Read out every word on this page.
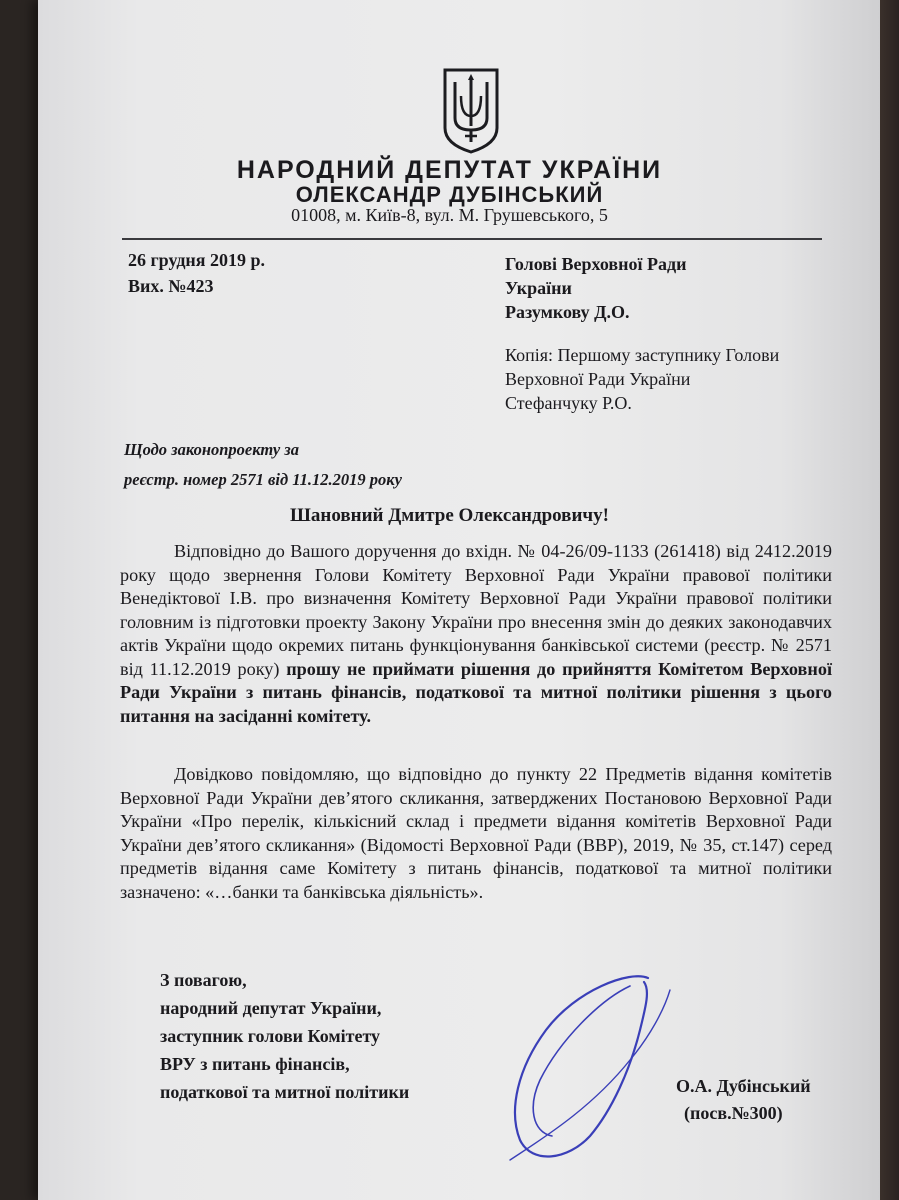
НАРОДНИЙ ДЕПУТАТ УКРАЇНИ
ОЛЕКСАНДР ДУБІНСЬКИЙ
01008, м. Київ-8, вул. М. Грушевського, 5
26 грудня 2019 р.
Вих. №423
Голові Верховної Ради
України
Разумкову Д.О.
Копія: Першому заступнику Голови
Верховної Ради України
Стефанчуку Р.О.
Щодо законопроекту за
реєстр. номер 2571 від 11.12.2019 року
Шановний Дмитре Олександровичу!
Відповідно до Вашого доручення до вхідн. № 04-26/09-1133 (261418) від 2412.2019 року щодо звернення Голови Комітету Верховної Ради України правової політики Венедіктової І.В. про визначення Комітету Верховної Ради України правової політики головним із підготовки проекту Закону України про внесення змін до деяких законодавчих актів України щодо окремих питань функціонування банківської системи (реєстр. № 2571 від 11.12.2019 року) прошу не приймати рішення до прийняття Комітетом Верховної Ради України з питань фінансів, податкової та митної політики рішення з цього питання на засіданні комітету.
Довідково повідомляю, що відповідно до пункту 22 Предметів відання комітетів Верховної Ради України дев’ятого скликання, затверджених Постановою Верховної Ради України «Про перелік, кількісний склад і предмети відання комітетів Верховної Ради України дев’ятого скликання» (Відомості Верховної Ради (ВВР), 2019, № 35, ст.147) серед предметів відання саме Комітету з питань фінансів, податкової та митної політики зазначено: «…банки та банківська діяльність».
З повагою,
народний депутат України,
заступник голови Комітету
ВРУ з питань фінансів,
податкової та митної політики	О.А. Дубінський
(посв.№300)
